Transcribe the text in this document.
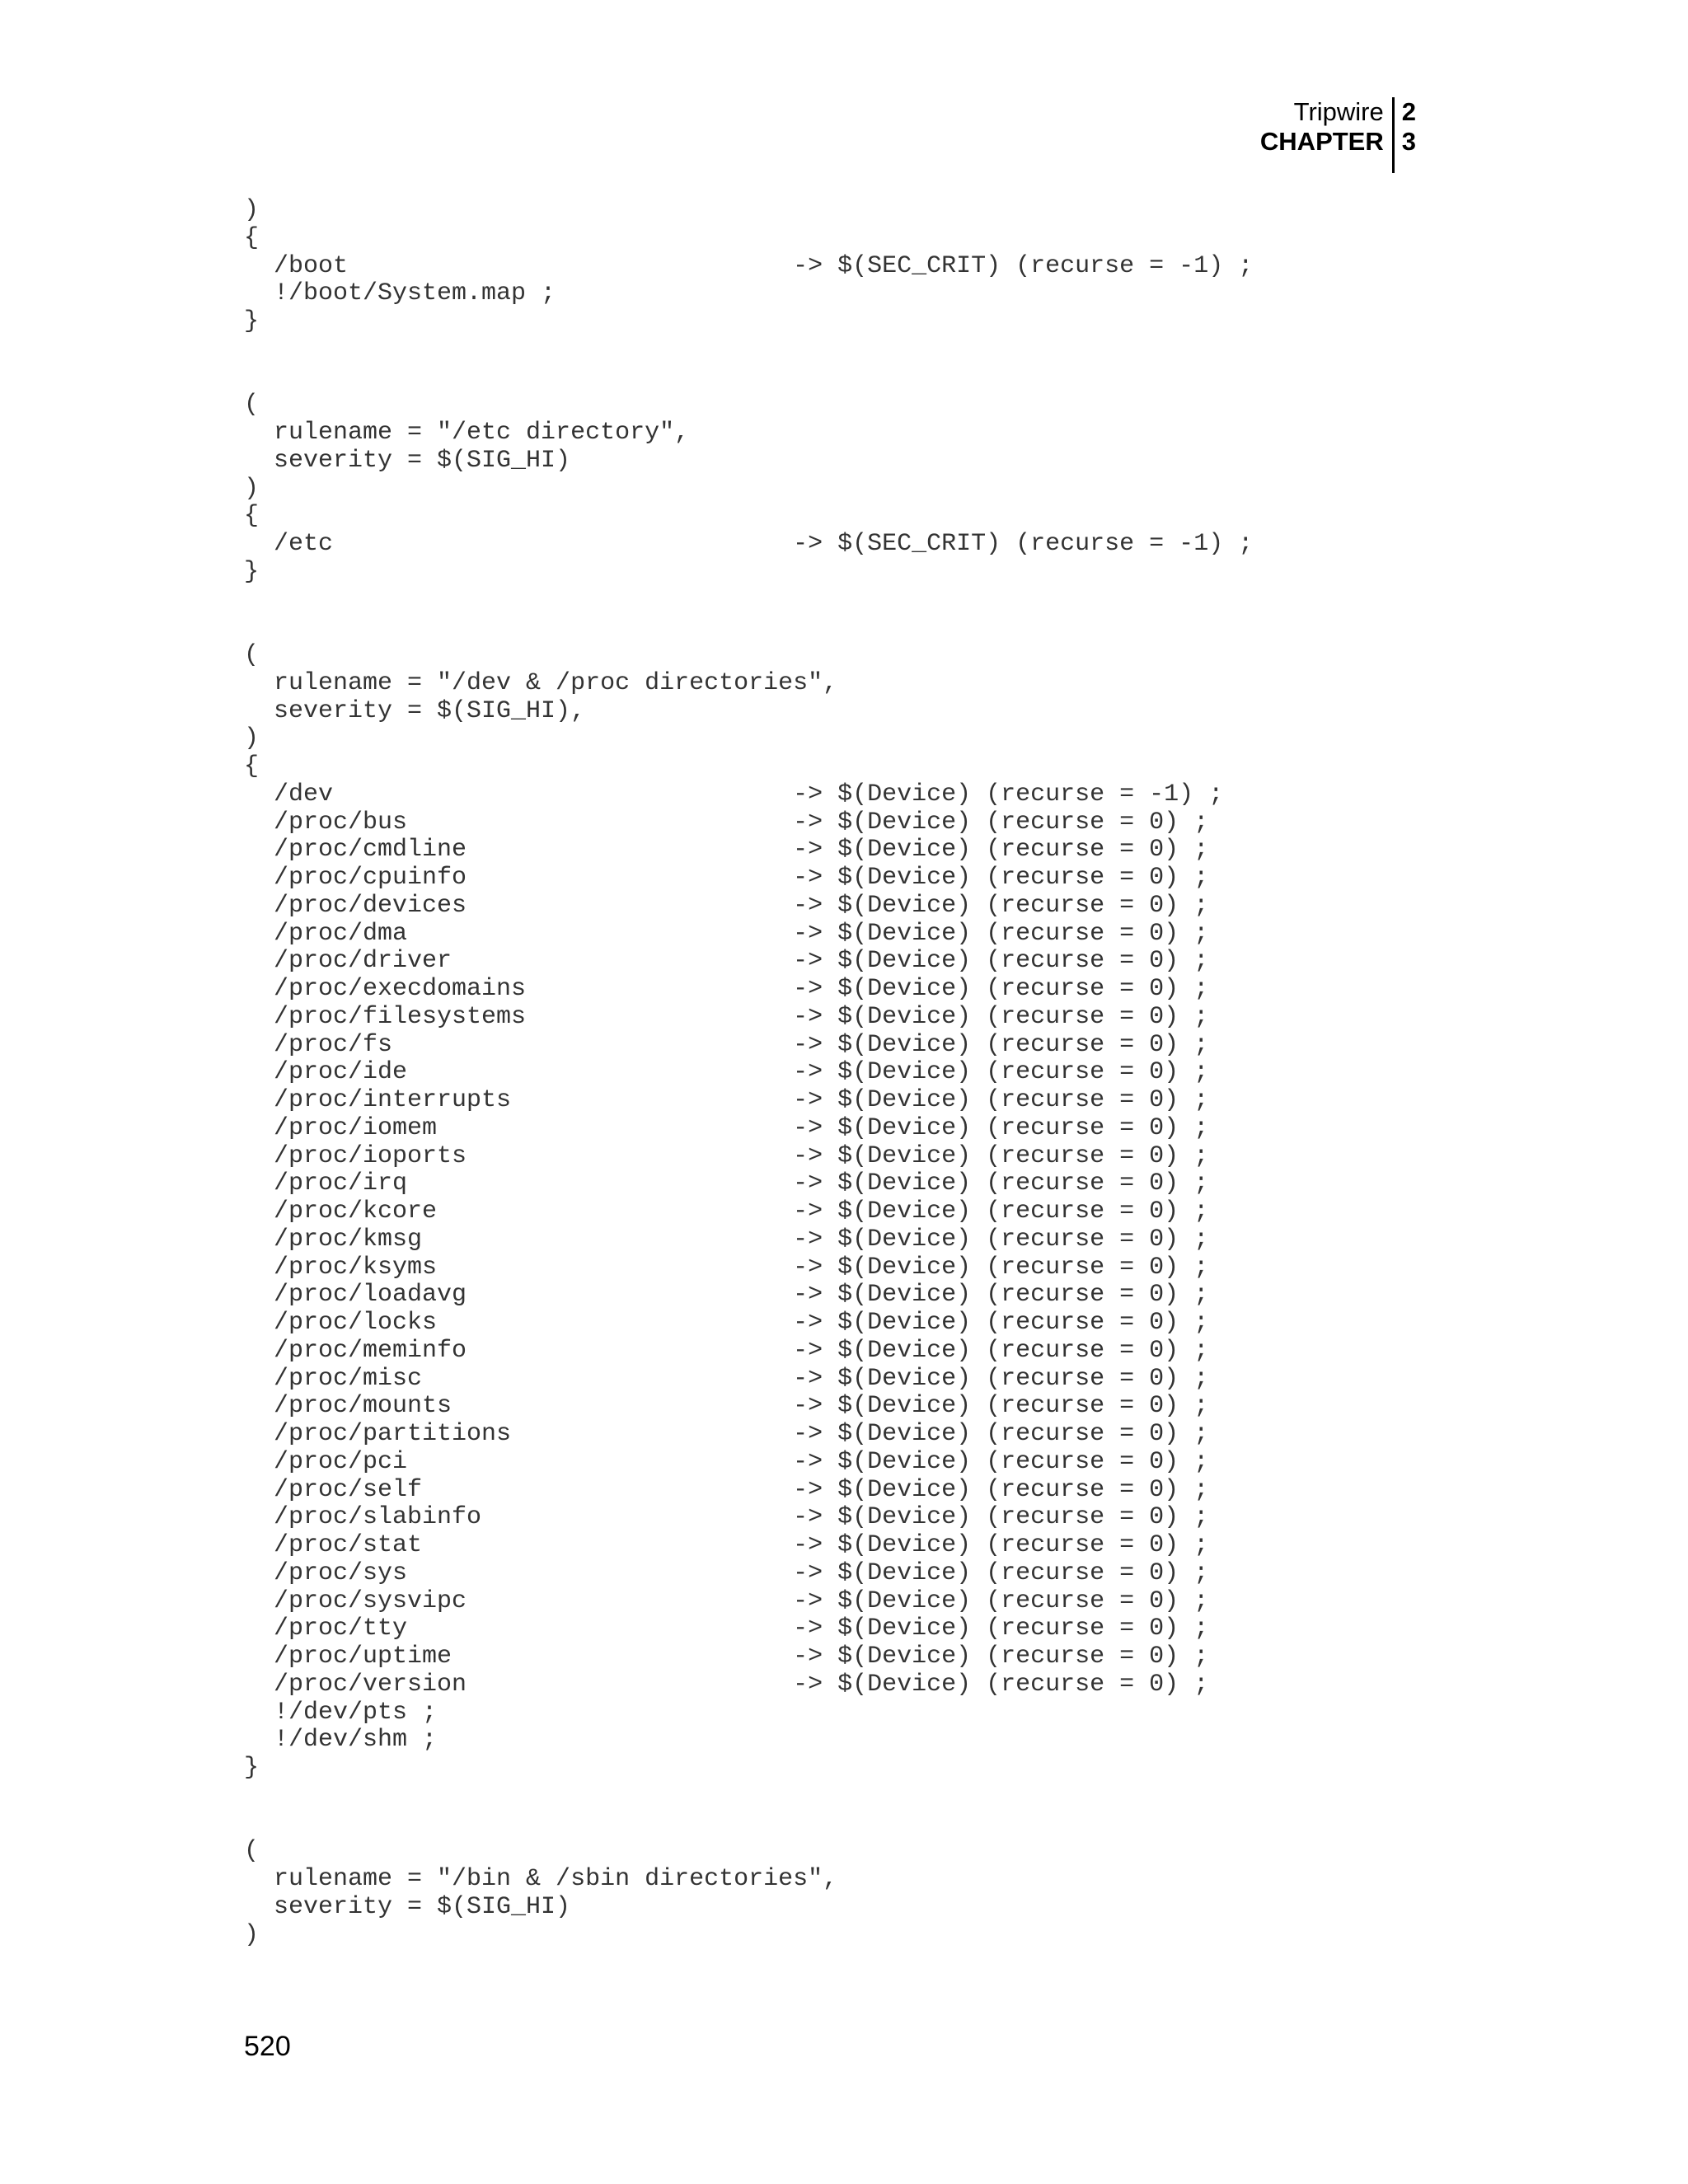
Tripwire
CHAPTER
2
3
)
{
/boot                              -> $(SEC_CRIT) (recurse = -1) ;
!/boot/System.map ;
}
(
rulename = "/etc directory",
severity = $(SIG_HI)
)
{
/etc                               -> $(SEC_CRIT) (recurse = -1) ;
}
(
rulename = "/dev & /proc directories",
severity = $(SIG_HI),
)
{
/dev                               -> $(Device) (recurse = -1) ;
/proc/bus                          -> $(Device) (recurse = 0) ;
/proc/cmdline                      -> $(Device) (recurse = 0) ;
/proc/cpuinfo                      -> $(Device) (recurse = 0) ;
/proc/devices                      -> $(Device) (recurse = 0) ;
/proc/dma                          -> $(Device) (recurse = 0) ;
/proc/driver                       -> $(Device) (recurse = 0) ;
/proc/execdomains                  -> $(Device) (recurse = 0) ;
/proc/filesystems                  -> $(Device) (recurse = 0) ;
/proc/fs                           -> $(Device) (recurse = 0) ;
/proc/ide                          -> $(Device) (recurse = 0) ;
/proc/interrupts                   -> $(Device) (recurse = 0) ;
/proc/iomem                        -> $(Device) (recurse = 0) ;
/proc/ioports                      -> $(Device) (recurse = 0) ;
/proc/irq                          -> $(Device) (recurse = 0) ;
/proc/kcore                        -> $(Device) (recurse = 0) ;
/proc/kmsg                         -> $(Device) (recurse = 0) ;
/proc/ksyms                        -> $(Device) (recurse = 0) ;
/proc/loadavg                      -> $(Device) (recurse = 0) ;
/proc/locks                        -> $(Device) (recurse = 0) ;
/proc/meminfo                      -> $(Device) (recurse = 0) ;
/proc/misc                         -> $(Device) (recurse = 0) ;
/proc/mounts                       -> $(Device) (recurse = 0) ;
/proc/partitions                   -> $(Device) (recurse = 0) ;
/proc/pci                          -> $(Device) (recurse = 0) ;
/proc/self                         -> $(Device) (recurse = 0) ;
/proc/slabinfo                     -> $(Device) (recurse = 0) ;
/proc/stat                         -> $(Device) (recurse = 0) ;
/proc/sys                          -> $(Device) (recurse = 0) ;
/proc/sysvipc                      -> $(Device) (recurse = 0) ;
/proc/tty                          -> $(Device) (recurse = 0) ;
/proc/uptime                       -> $(Device) (recurse = 0) ;
/proc/version                      -> $(Device) (recurse = 0) ;
!/dev/pts ;
!/dev/shm ;
}
(
rulename = "/bin & /sbin directories",
severity = $(SIG_HI)
)
520
